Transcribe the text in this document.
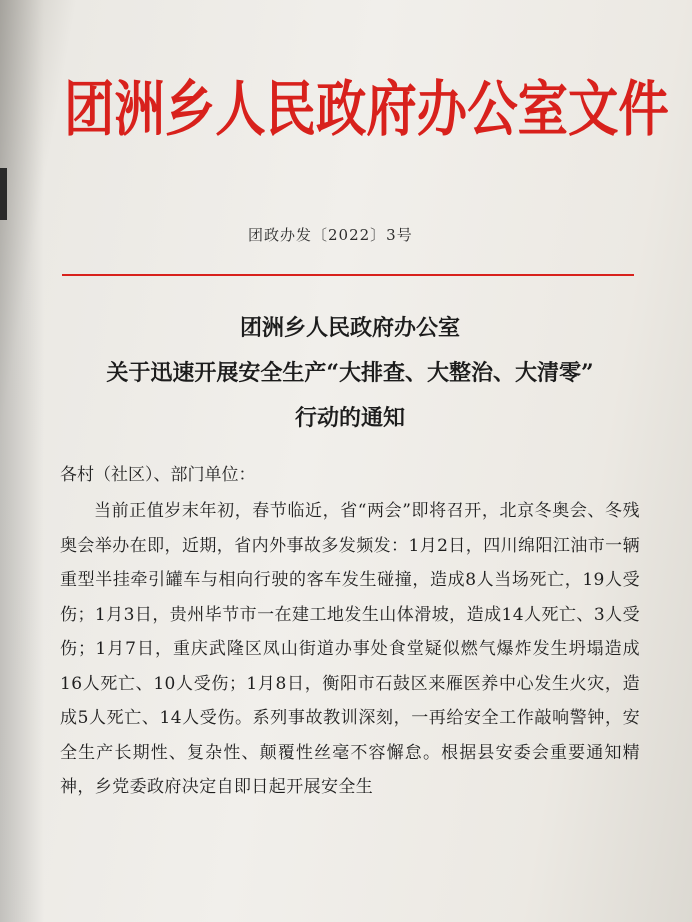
团洲乡人民政府办公室文件
团政办发〔2022〕3号
团洲乡人民政府办公室
关于迅速开展安全生产“大排查、大整治、大清零”
行动的通知
各村（社区）、部门单位：
当前正值岁末年初，春节临近，省“两会”即将召开，北京冬奥会、冬残奥会举办在即，近期，省内外事故多发频发：1月2日，四川绵阳江油市一辆重型半挂牵引罐车与相向行驶的客车发生碰撞，造成8人当场死亡，19人受伤；1月3日，贵州毕节市一在建工地发生山体滑坡，造成14人死亡、3人受伤；1月7日，重庆武隆区凤山街道办事处食堂疑似燃气爆炸发生坍塌造成16人死亡、10人受伤；1月8日，衡阳市石鼓区来雁医养中心发生火灾，造成5人死亡、14人受伤。系列事故教训深刻，一再给安全工作敲响警钟，安全生产长期性、复杂性、颠覆性丝毫不容懈怠。根据县安委会重要通知精神，乡党委政府决定自即日起开展安全生
